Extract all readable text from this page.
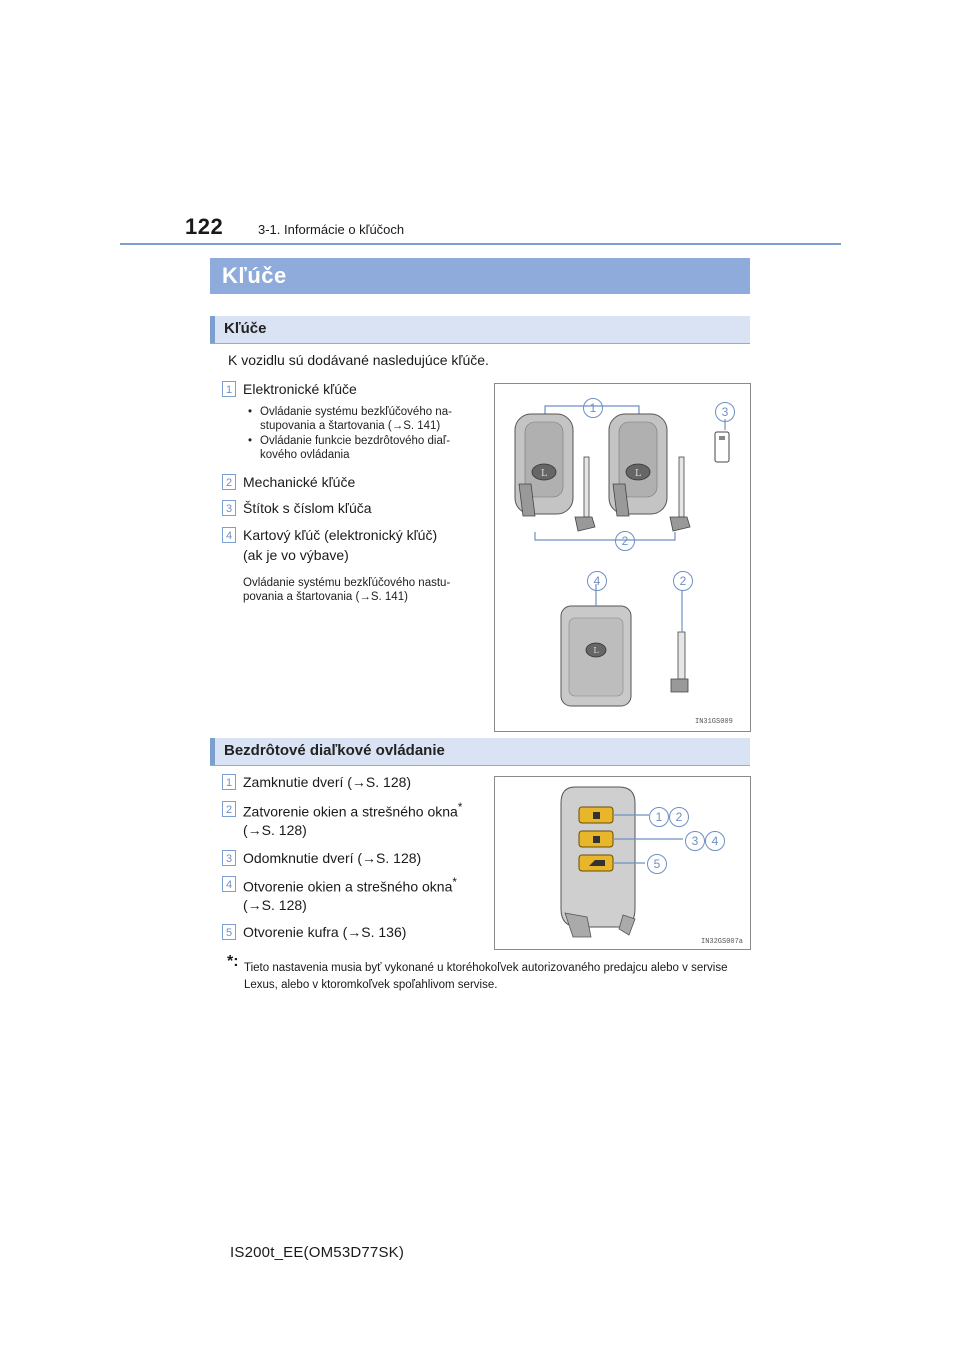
122	3-1. Informácie o kľúčoch
Kľúče
Kľúče
K vozidlu sú dodávané nasledujúce kľúče.
1 Elektronické kľúče
• Ovládanie systému bezkľúčového na-
stupovania a štartovania (→S. 141)
• Ovládanie funkcie bezdrôtového diaľ-
kového ovládania
2 Mechanické kľúče
3 Štítok s číslom kľúča
4 Kartový kľúč (elektronický kľúč)
(ak je vo výbave)
Ovládanie systému bezkľúčového nastu-
povania a štartovania (→S. 141)
L	L
L
1
2
3
4	2
IN31GS009
Bezdrôtové diaľkové ovládanie
1 Zamknutie dverí (→S. 128)
2 Zatvorenie okien a strešného okna*
(→S. 128)
3 Odomknutie dverí (→S. 128)
4 Otvorenie okien a strešného okna*
(→S. 128)
5 Otvorenie kufra (→S. 136)
1	2
3	4
5
IN32GS007a
*: Tieto nastavenia musia byť vykonané u ktoréhokoľvek autorizovaného predajcu alebo v servise Lexus, alebo v ktoromkoľvek spoľahlivom servise.
IS200t_EE(OM53D77SK)
